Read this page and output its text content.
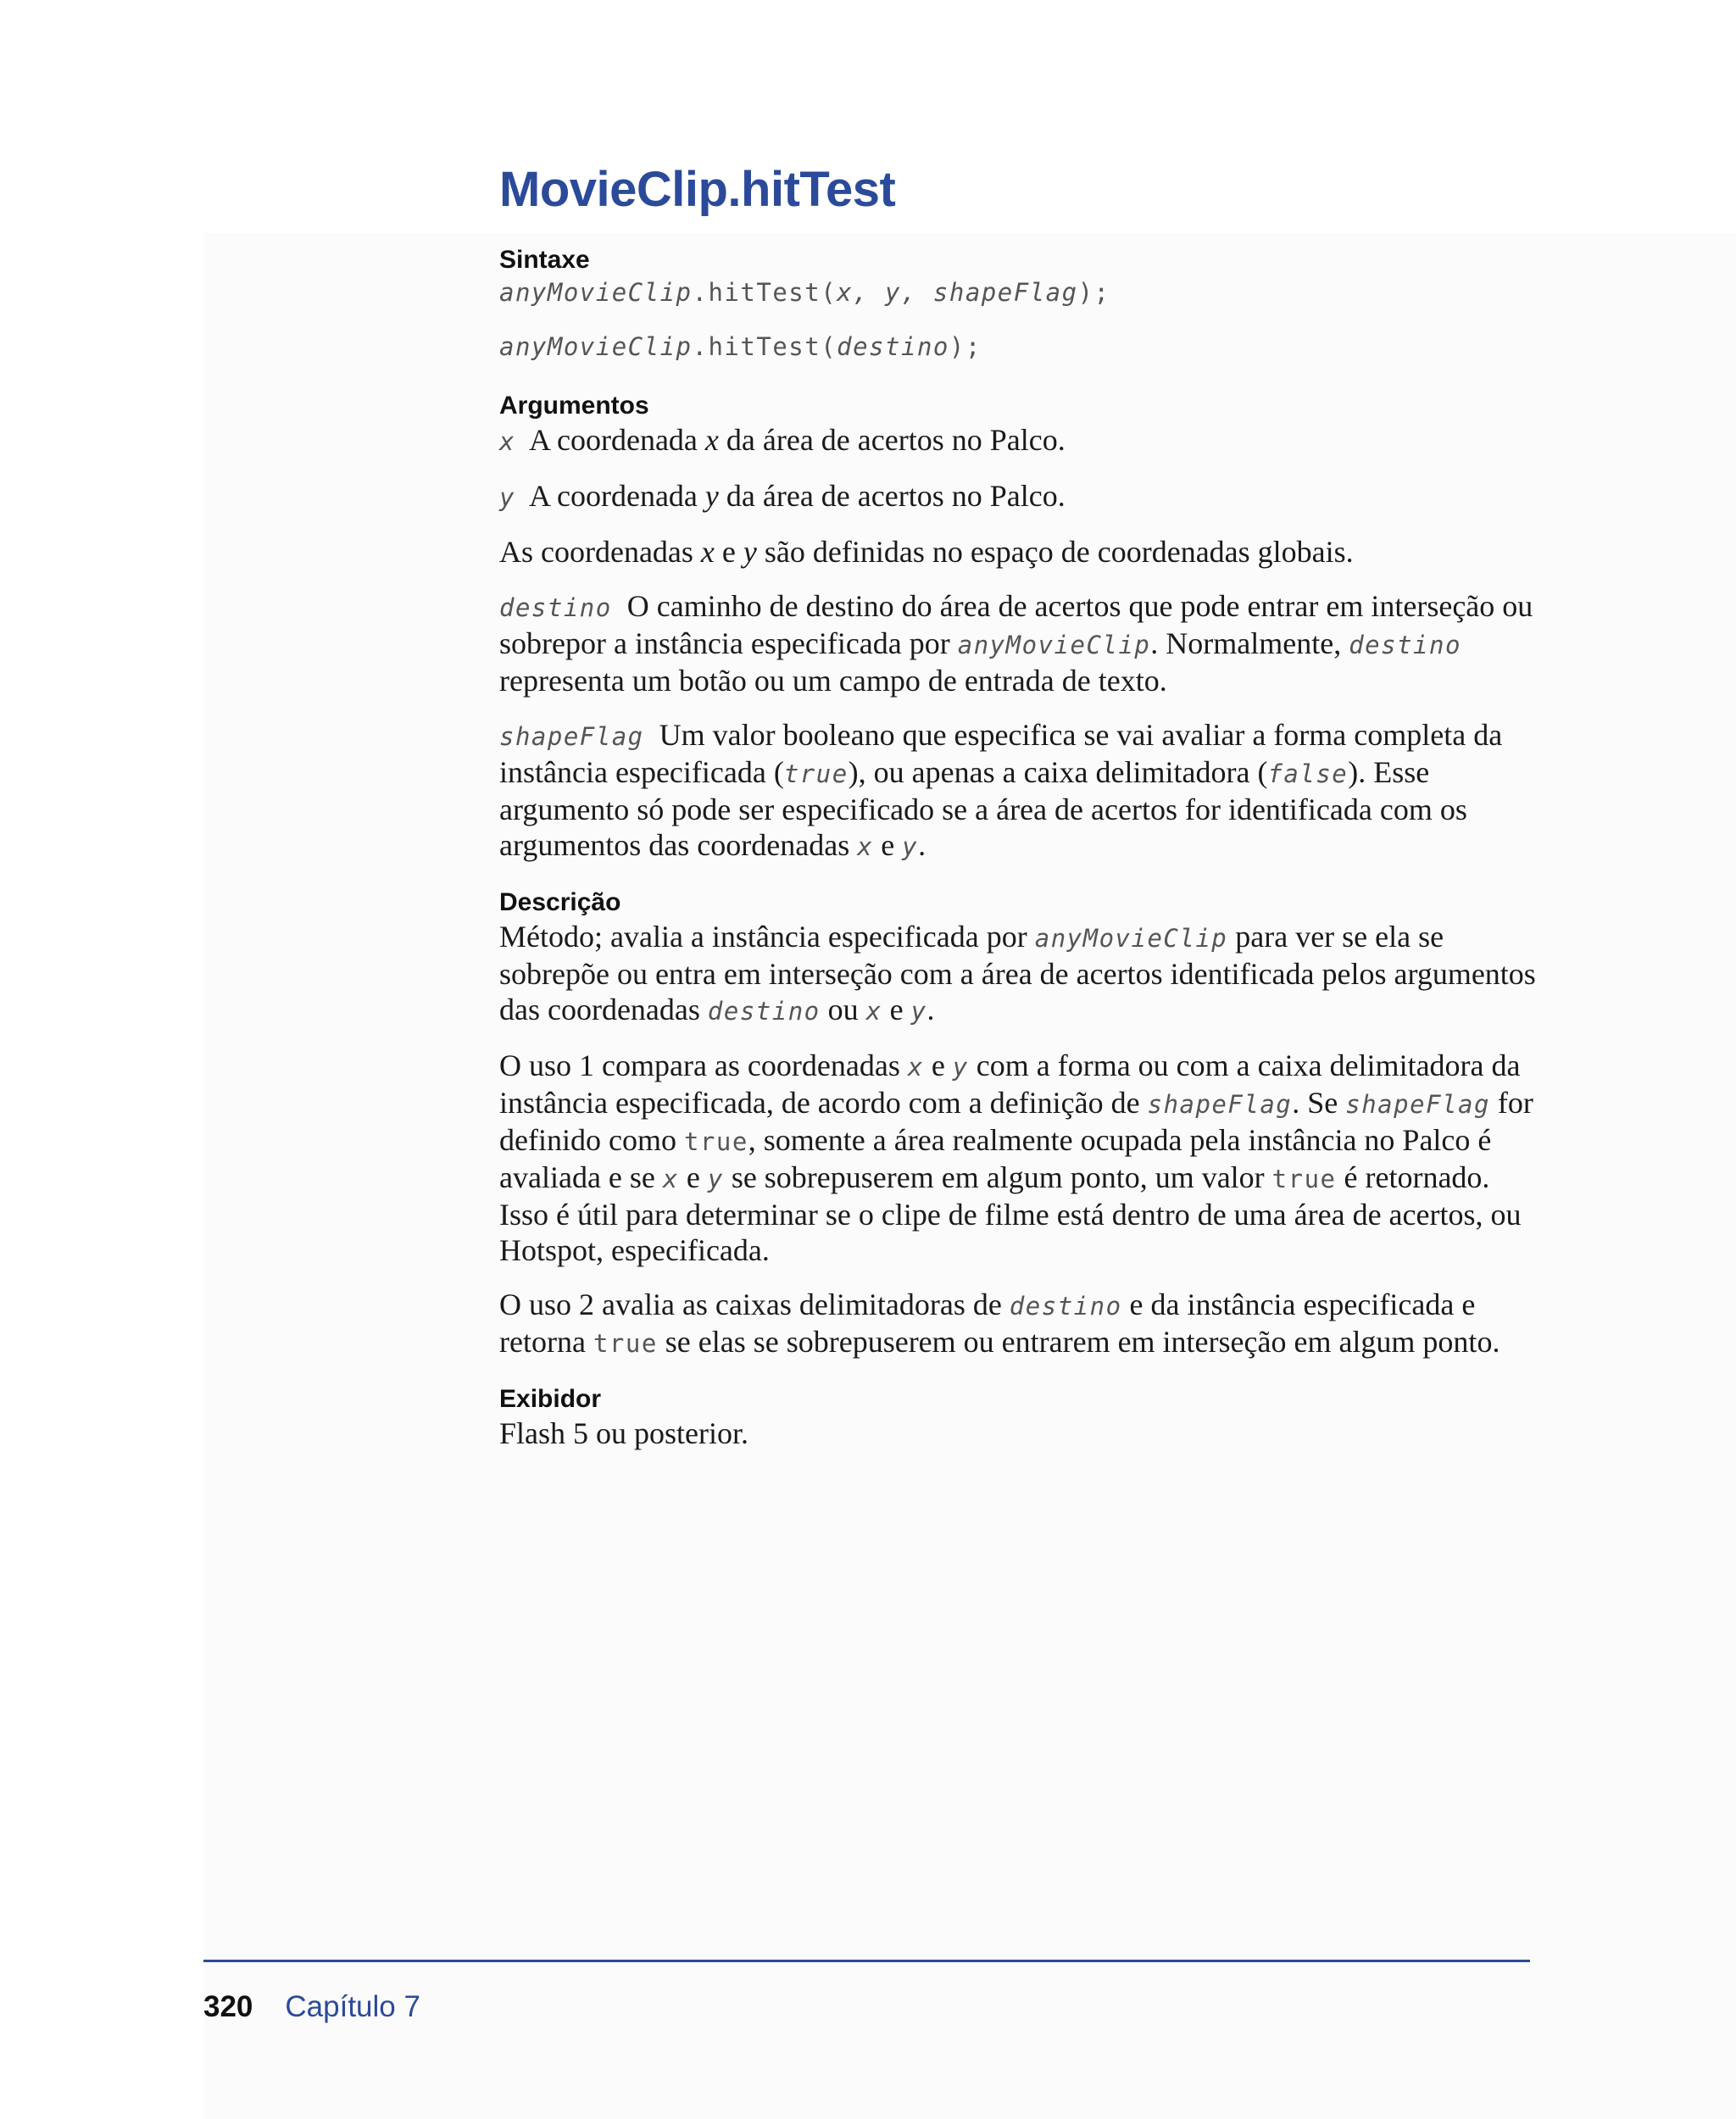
MovieClip.hitTest
Sintaxe
anyMovieClip.hitTest(x, y, shapeFlag);
anyMovieClip.hitTest(destino);
Argumentos

x A coordenada x da área de acertos no Palco.

y A coordenada y da área de acertos no Palco.

As coordenadas x e y são definidas no espaço de coordenadas globais.

destino O caminho de destino do área de acertos que pode entrar em interseção ou sobrepor a instância especificada por anyMovieClip. Normalmente, destino representa um botão ou um campo de entrada de texto.

shapeFlag Um valor booleano que especifica se vai avaliar a forma completa da instância especificada (true), ou apenas a caixa delimitadora (false). Esse argumento só pode ser especificado se a área de acertos for identificada com os argumentos das coordenadas x e y.

Descrição

Método; avalia a instância especificada por anyMovieClip para ver se ela se sobrepõe ou entra em interseção com a área de acertos identificada pelos argumentos das coordenadas destino ou x e y.

O uso 1 compara as coordenadas x e y com a forma ou com a caixa delimitadora da instância especificada, de acordo com a definição de shapeFlag. Se shapeFlag for definido como true, somente a área realmente ocupada pela instância no Palco é avaliada e se x e y se sobrepuserem em algum ponto, um valor true é retornado. Isso é útil para determinar se o clipe de filme está dentro de uma área de acertos, ou Hotspot, especificada.

O uso 2 avalia as caixas delimitadoras de destino e da instância especificada e retorna true se elas se sobrepuserem ou entrarem em interseção em algum ponto.

Exibidor

Flash 5 ou posterior.

320 Capítulo 7
